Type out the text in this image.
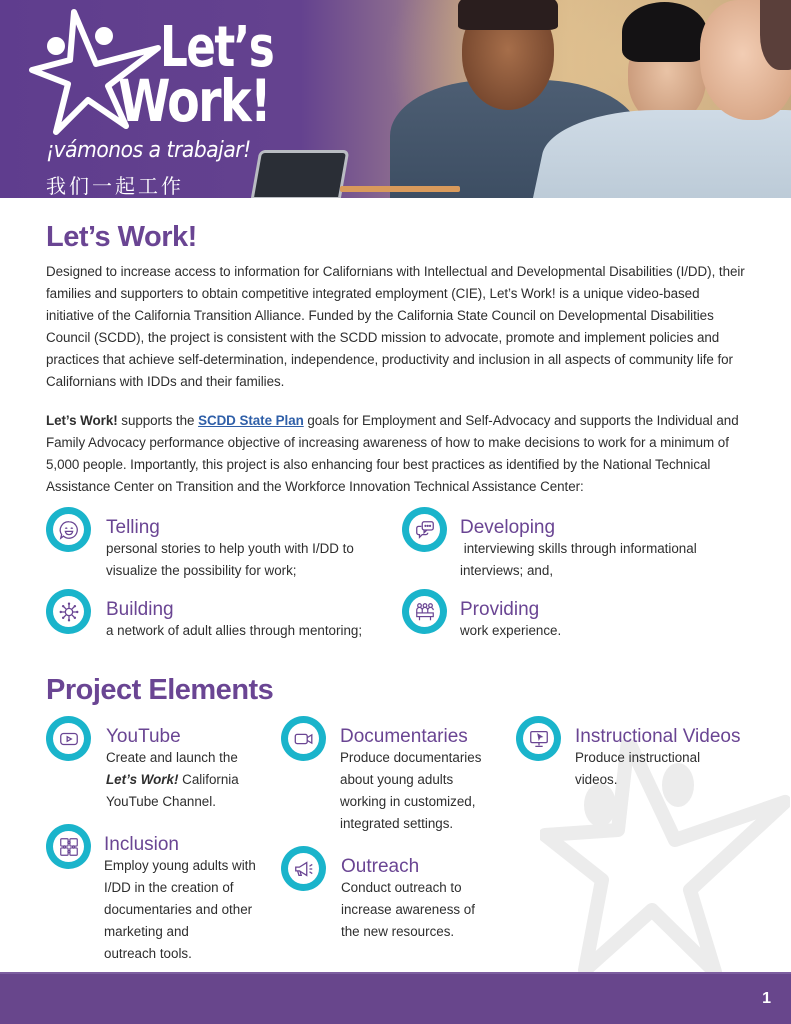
Let’s
Work!
¡vámonos a trabajar!
我们一起工作
Let’s Work!

Designed to increase access to information for Californians with Intellectual and Developmental Disabilities (I/DD), their families and supporters to obtain competitive integrated employment (CIE), Let’s Work! is a unique video-based initiative of the California Transition Alliance. Funded by the California State Council on Developmental Disabilities Council (SCDD), the project is consistent with the SCDD mission to advocate, promote and implement policies and practices that achieve self-determination, independence, productivity and inclusion in all aspects of community life for Californians with IDDs and their families.

Let’s Work! supports the SCDD State Plan goals for Employment and Self-Advocacy and supports the Individual and Family Advocacy performance objective of increasing awareness of how to make decisions to work for a minimum of 5,000 people. Importantly, this project is also enhancing four best practices as identified by the National Technical Assistance Center on Transition and the Workforce Innovation Technical Assistance Center:

Telling
personal stories to help youth with I/DD to
visualize the possibility for work;
Developing
interviewing skills through informational
interviews; and,
Building
a network of adult allies through mentoring;
Providing
work experience.
Project Elements
YouTube
Create and launch the
Let’s Work! California
YouTube Channel.
Documentaries
Produce documentaries
about young adults
working in customized,
integrated settings.
Instructional Videos
Produce instructional
videos.
Inclusion
Employ young adults with
I/DD in the creation of
documentaries and other
marketing and
outreach tools.
Outreach
Conduct outreach to
increase awareness of
the new resources.
1
